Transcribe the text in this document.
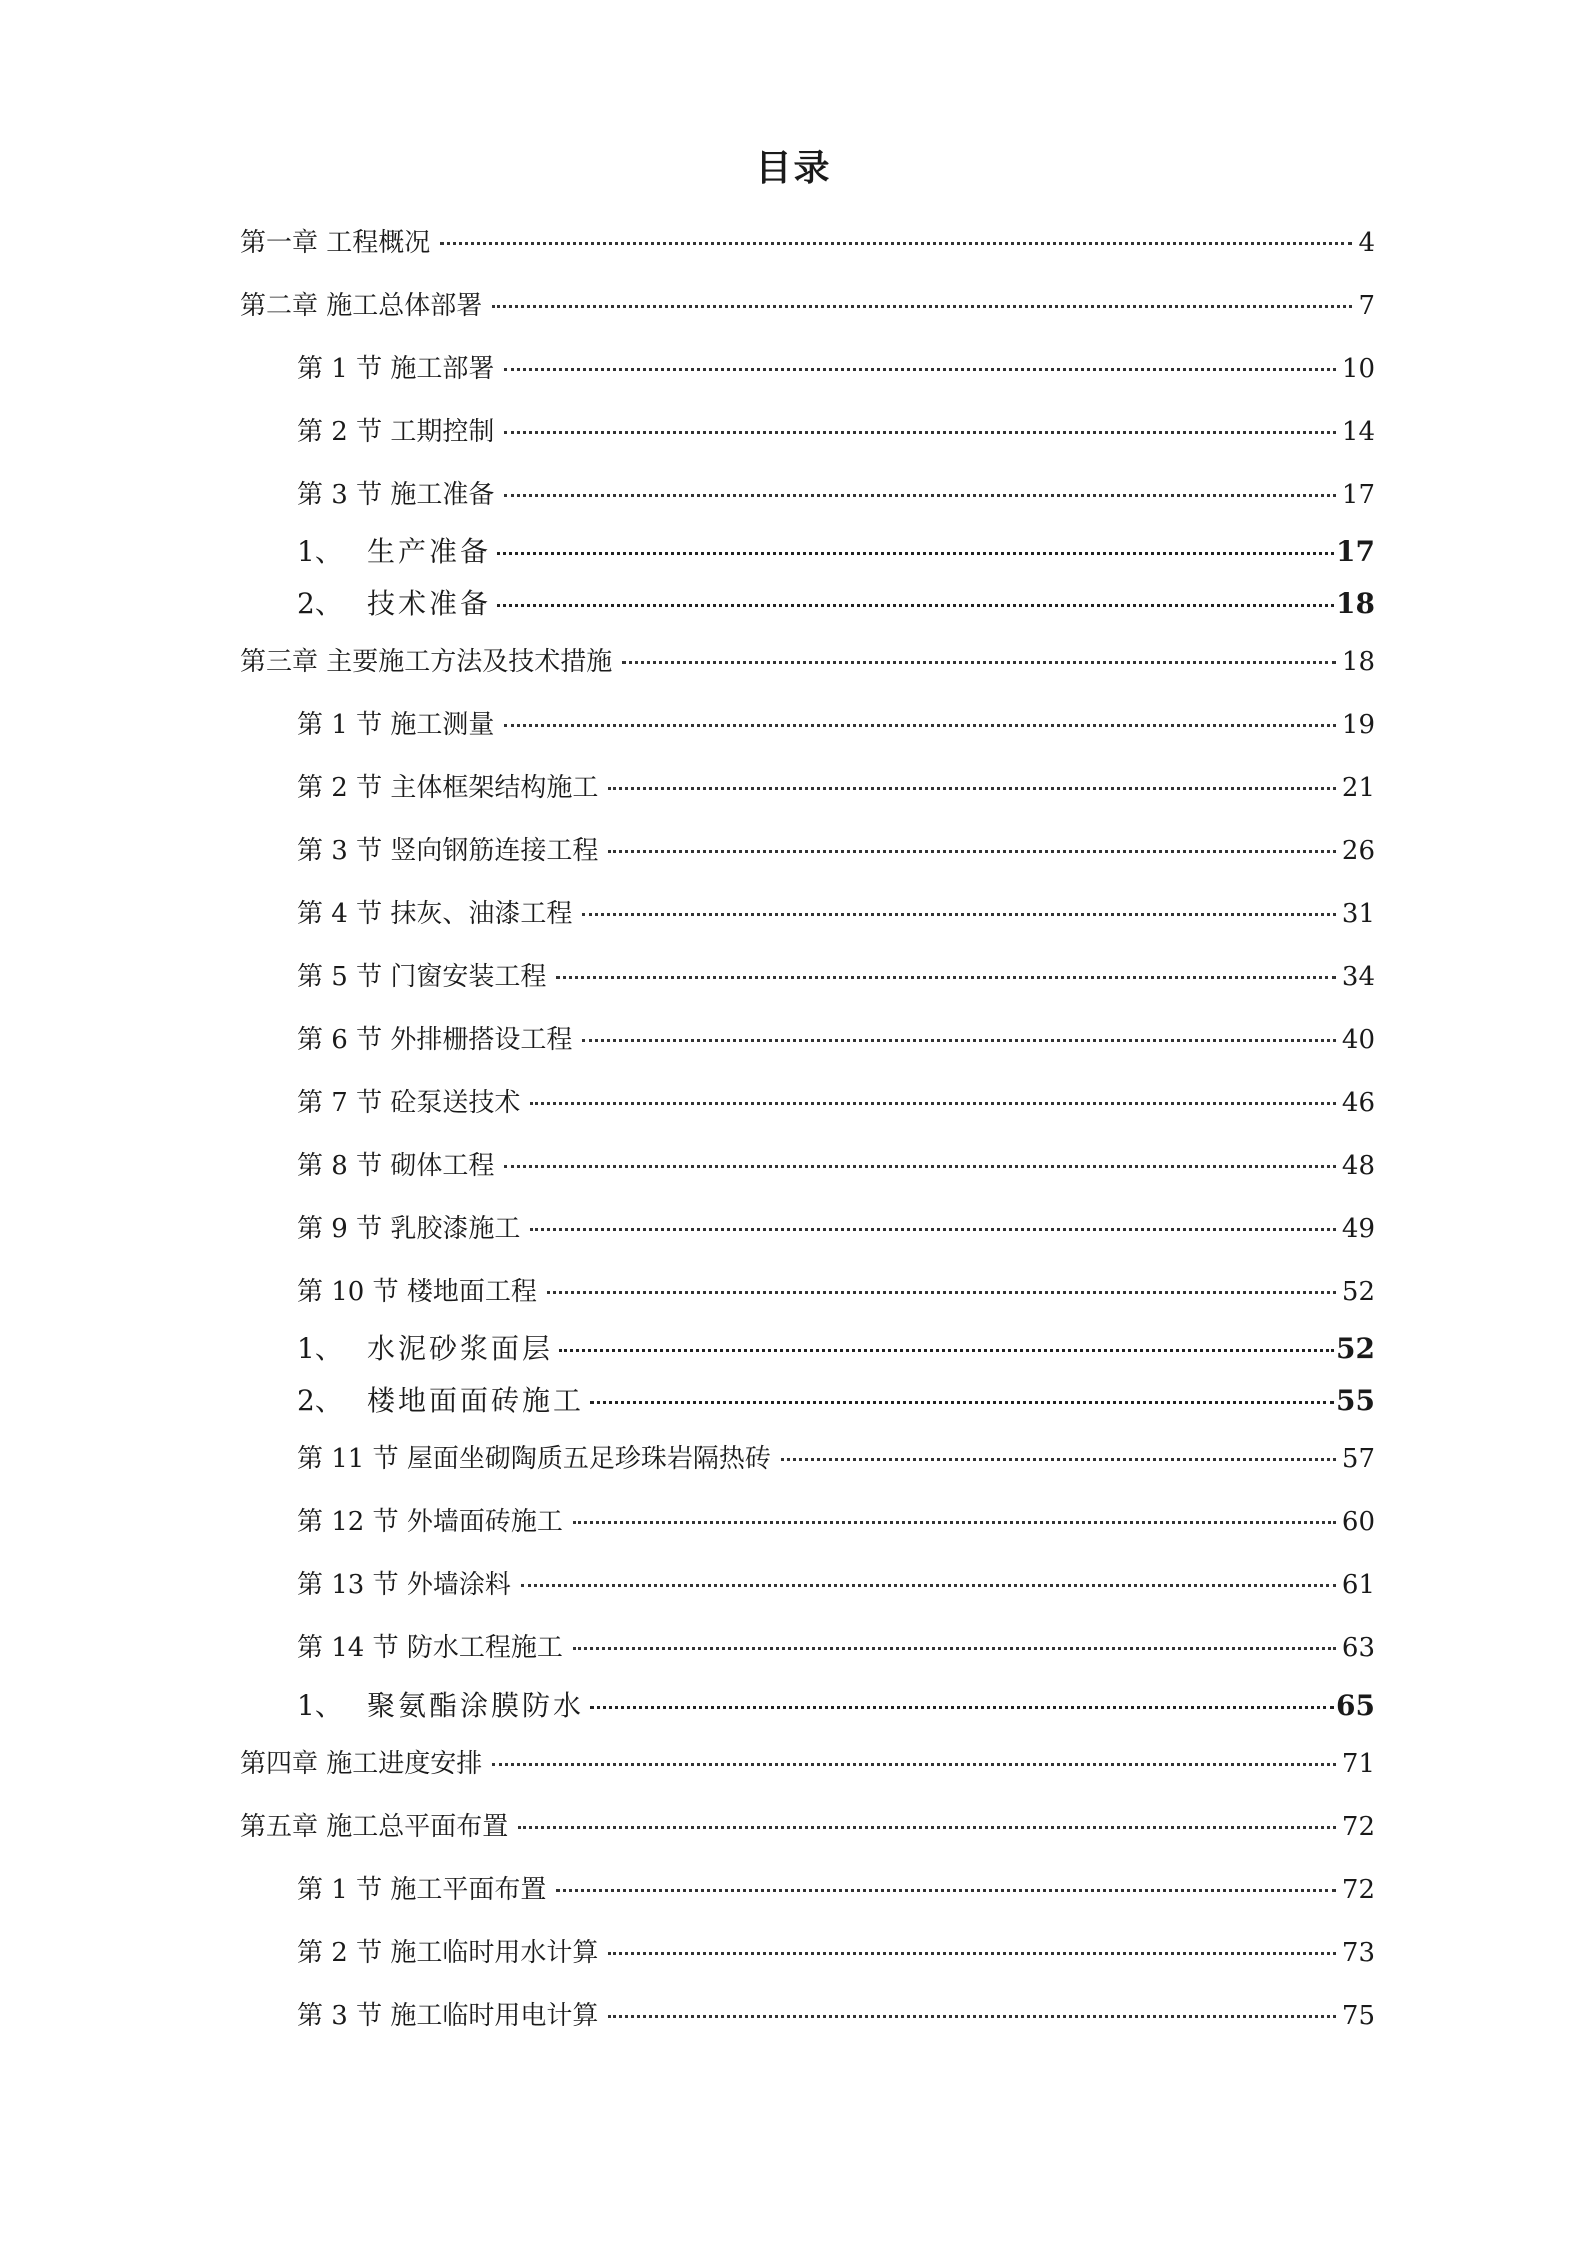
目录
第一章 工程概况	4
第二章 施工总体部署	7
第 1 节 施工部署	10
第 2 节 工期控制	14
第 3 节 施工准备	17
1、 生产准备	17
2、 技术准备	18
第三章 主要施工方法及技术措施	18
第 1 节 施工测量	19
第 2 节 主体框架结构施工	21
第 3 节 竖向钢筋连接工程	26
第 4 节 抹灰、油漆工程	31
第 5 节 门窗安装工程	34
第 6 节 外排栅搭设工程	40
第 7 节 砼泵送技术	46
第 8 节 砌体工程	48
第 9 节 乳胶漆施工	49
第 10 节 楼地面工程	52
1、 水泥砂浆面层	52
2、 楼地面面砖施工	55
第 11 节 屋面坐砌陶质五足珍珠岩隔热砖	57
第 12 节 外墙面砖施工	60
第 13 节 外墙涂料	61
第 14 节 防水工程施工	63
1、 聚氨酯涂膜防水	65
第四章 施工进度安排	71
第五章 施工总平面布置	72
第 1 节 施工平面布置	72
第 2 节 施工临时用水计算	73
第 3 节 施工临时用电计算	75
